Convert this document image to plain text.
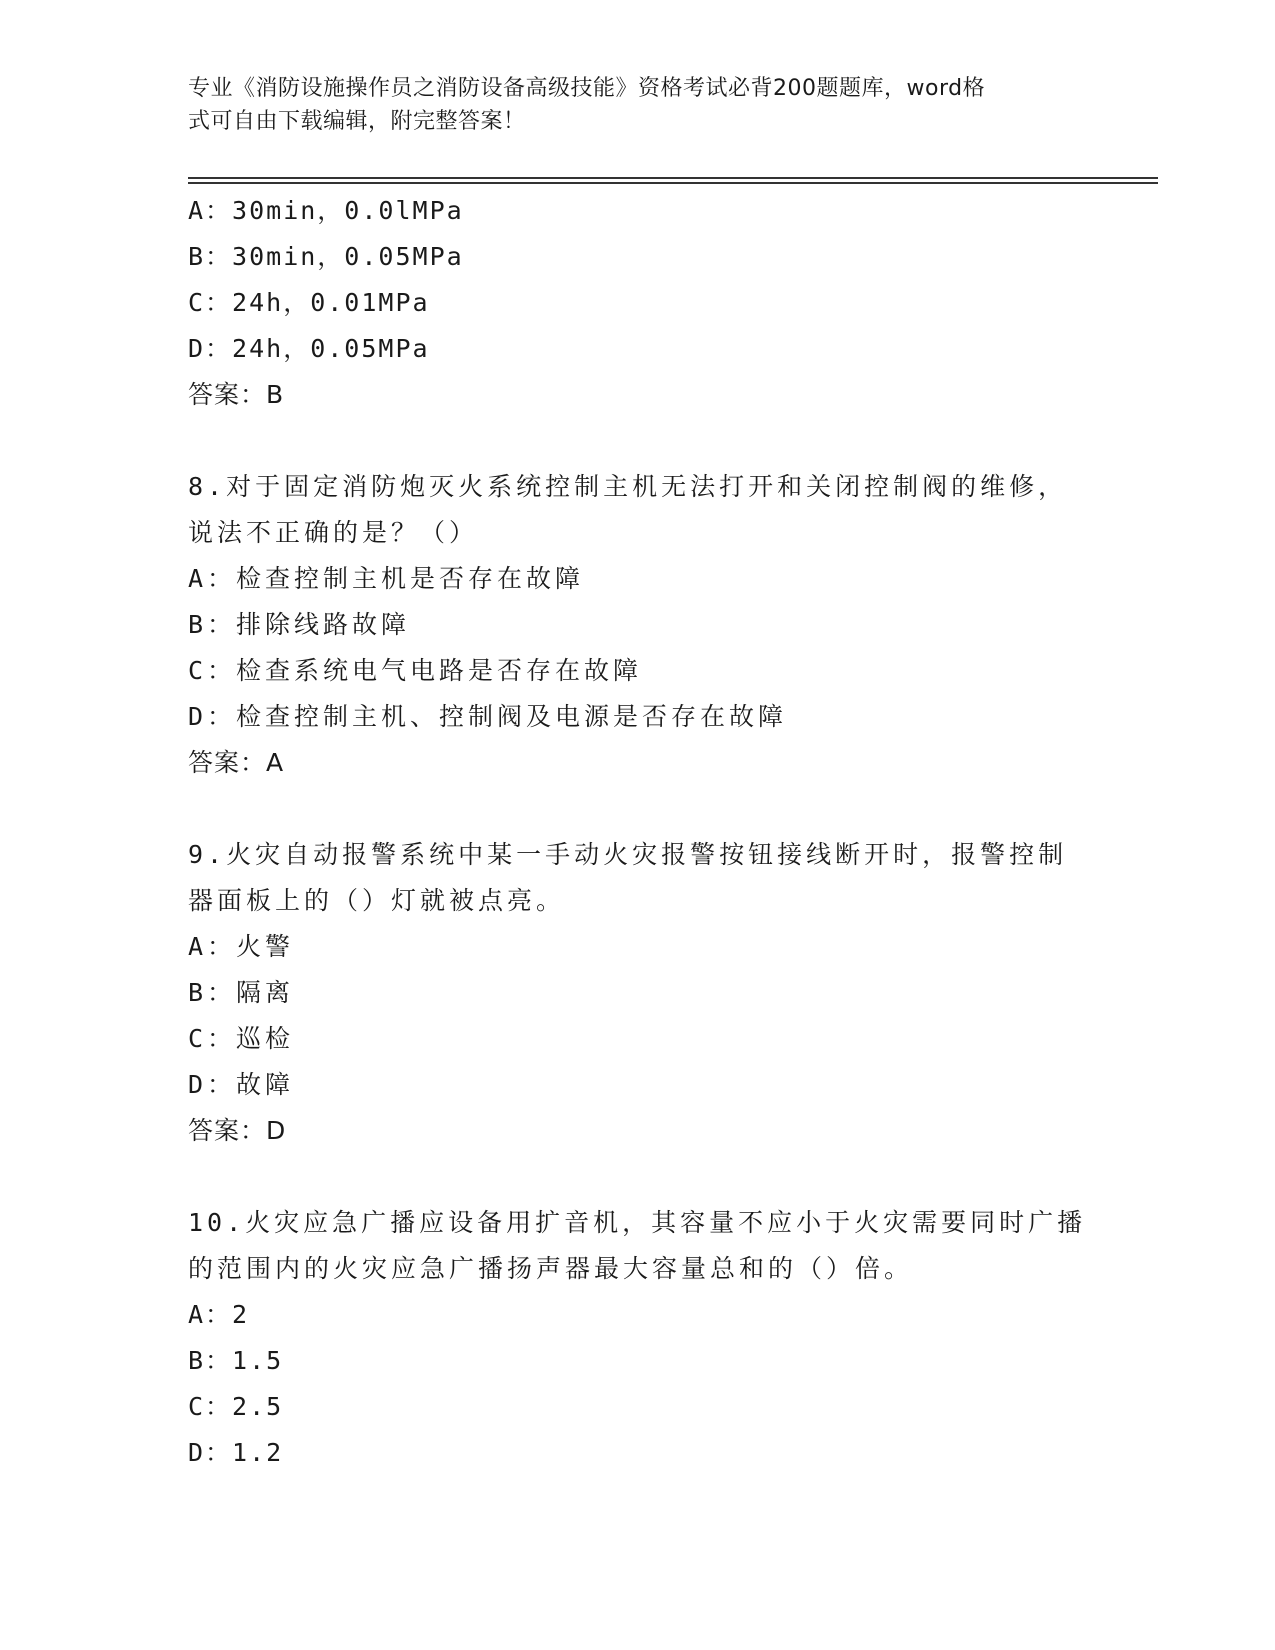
专业《消防设施操作员之消防设备高级技能》资格考试必背200题题库，word格
式可自由下载编辑，附完整答案！
A：30min，0.0lMPa
B：30min，0.05MPa
C：24h，0.01MPa
D：24h，0.05MPa
答案：B
8.对于固定消防炮灭火系统控制主机无法打开和关闭控制阀的维修，
说法不正确的是？（）
A：检查控制主机是否存在故障
B：排除线路故障
C：检查系统电气电路是否存在故障
D：检查控制主机、控制阀及电源是否存在故障
答案：A
9.火灾自动报警系统中某一手动火灾报警按钮接线断开时，报警控制
器面板上的（）灯就被点亮。
A：火警
B：隔离
C：巡检
D：故障
答案：D
10.火灾应急广播应设备用扩音机，其容量不应小于火灾需要同时广播
的范围内的火灾应急广播扬声器最大容量总和的（）倍。
A：2
B：1.5
C：2.5
D：1.2
